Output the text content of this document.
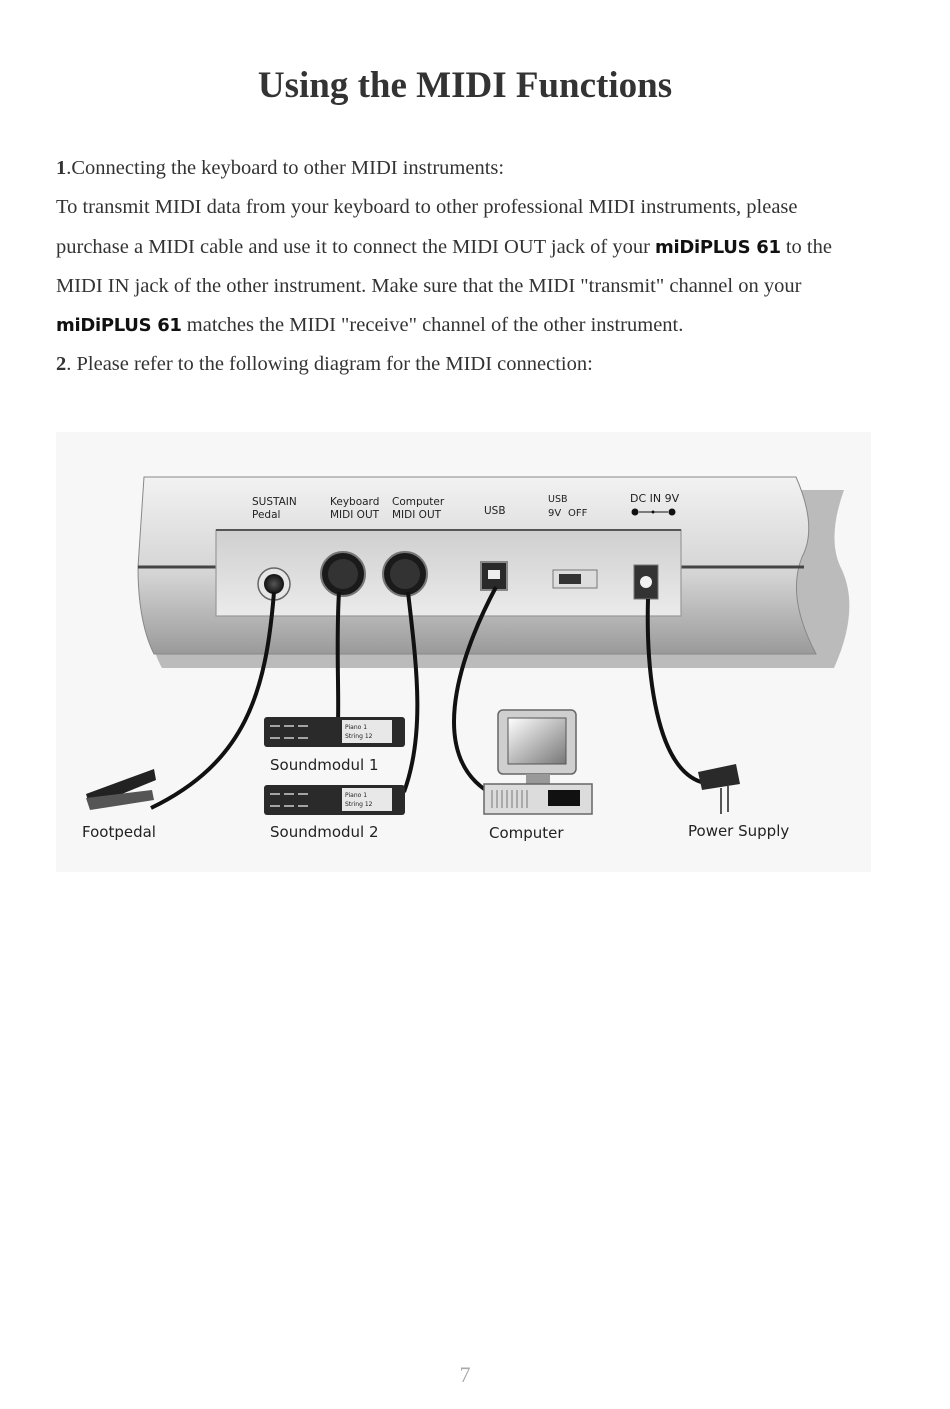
Using the MIDI Functions
1.Connecting the keyboard to other MIDI instruments:
To transmit MIDI data from your keyboard to other professional MIDI instruments, please
purchase a MIDI cable and use it to connect the MIDI OUT jack of your miDiPLUS 61 to the
MIDI IN jack of the other instrument. Make sure that the MIDI "transmit" channel on your
miDiPLUS 61 matches the MIDI "receive" channel of the other instrument.
2. Please refer to the following diagram for the MIDI connection:
SUSTAIN
Pedal
Keyboard
MIDI OUT
Computer
MIDI OUT	USB
USB
9V OFF
DC IN 9V
Piano 1
String 12
Soundmodul 1
Piano 1
String 12
Soundmodul 2
Footpedal	Computer	Power Supply
7
